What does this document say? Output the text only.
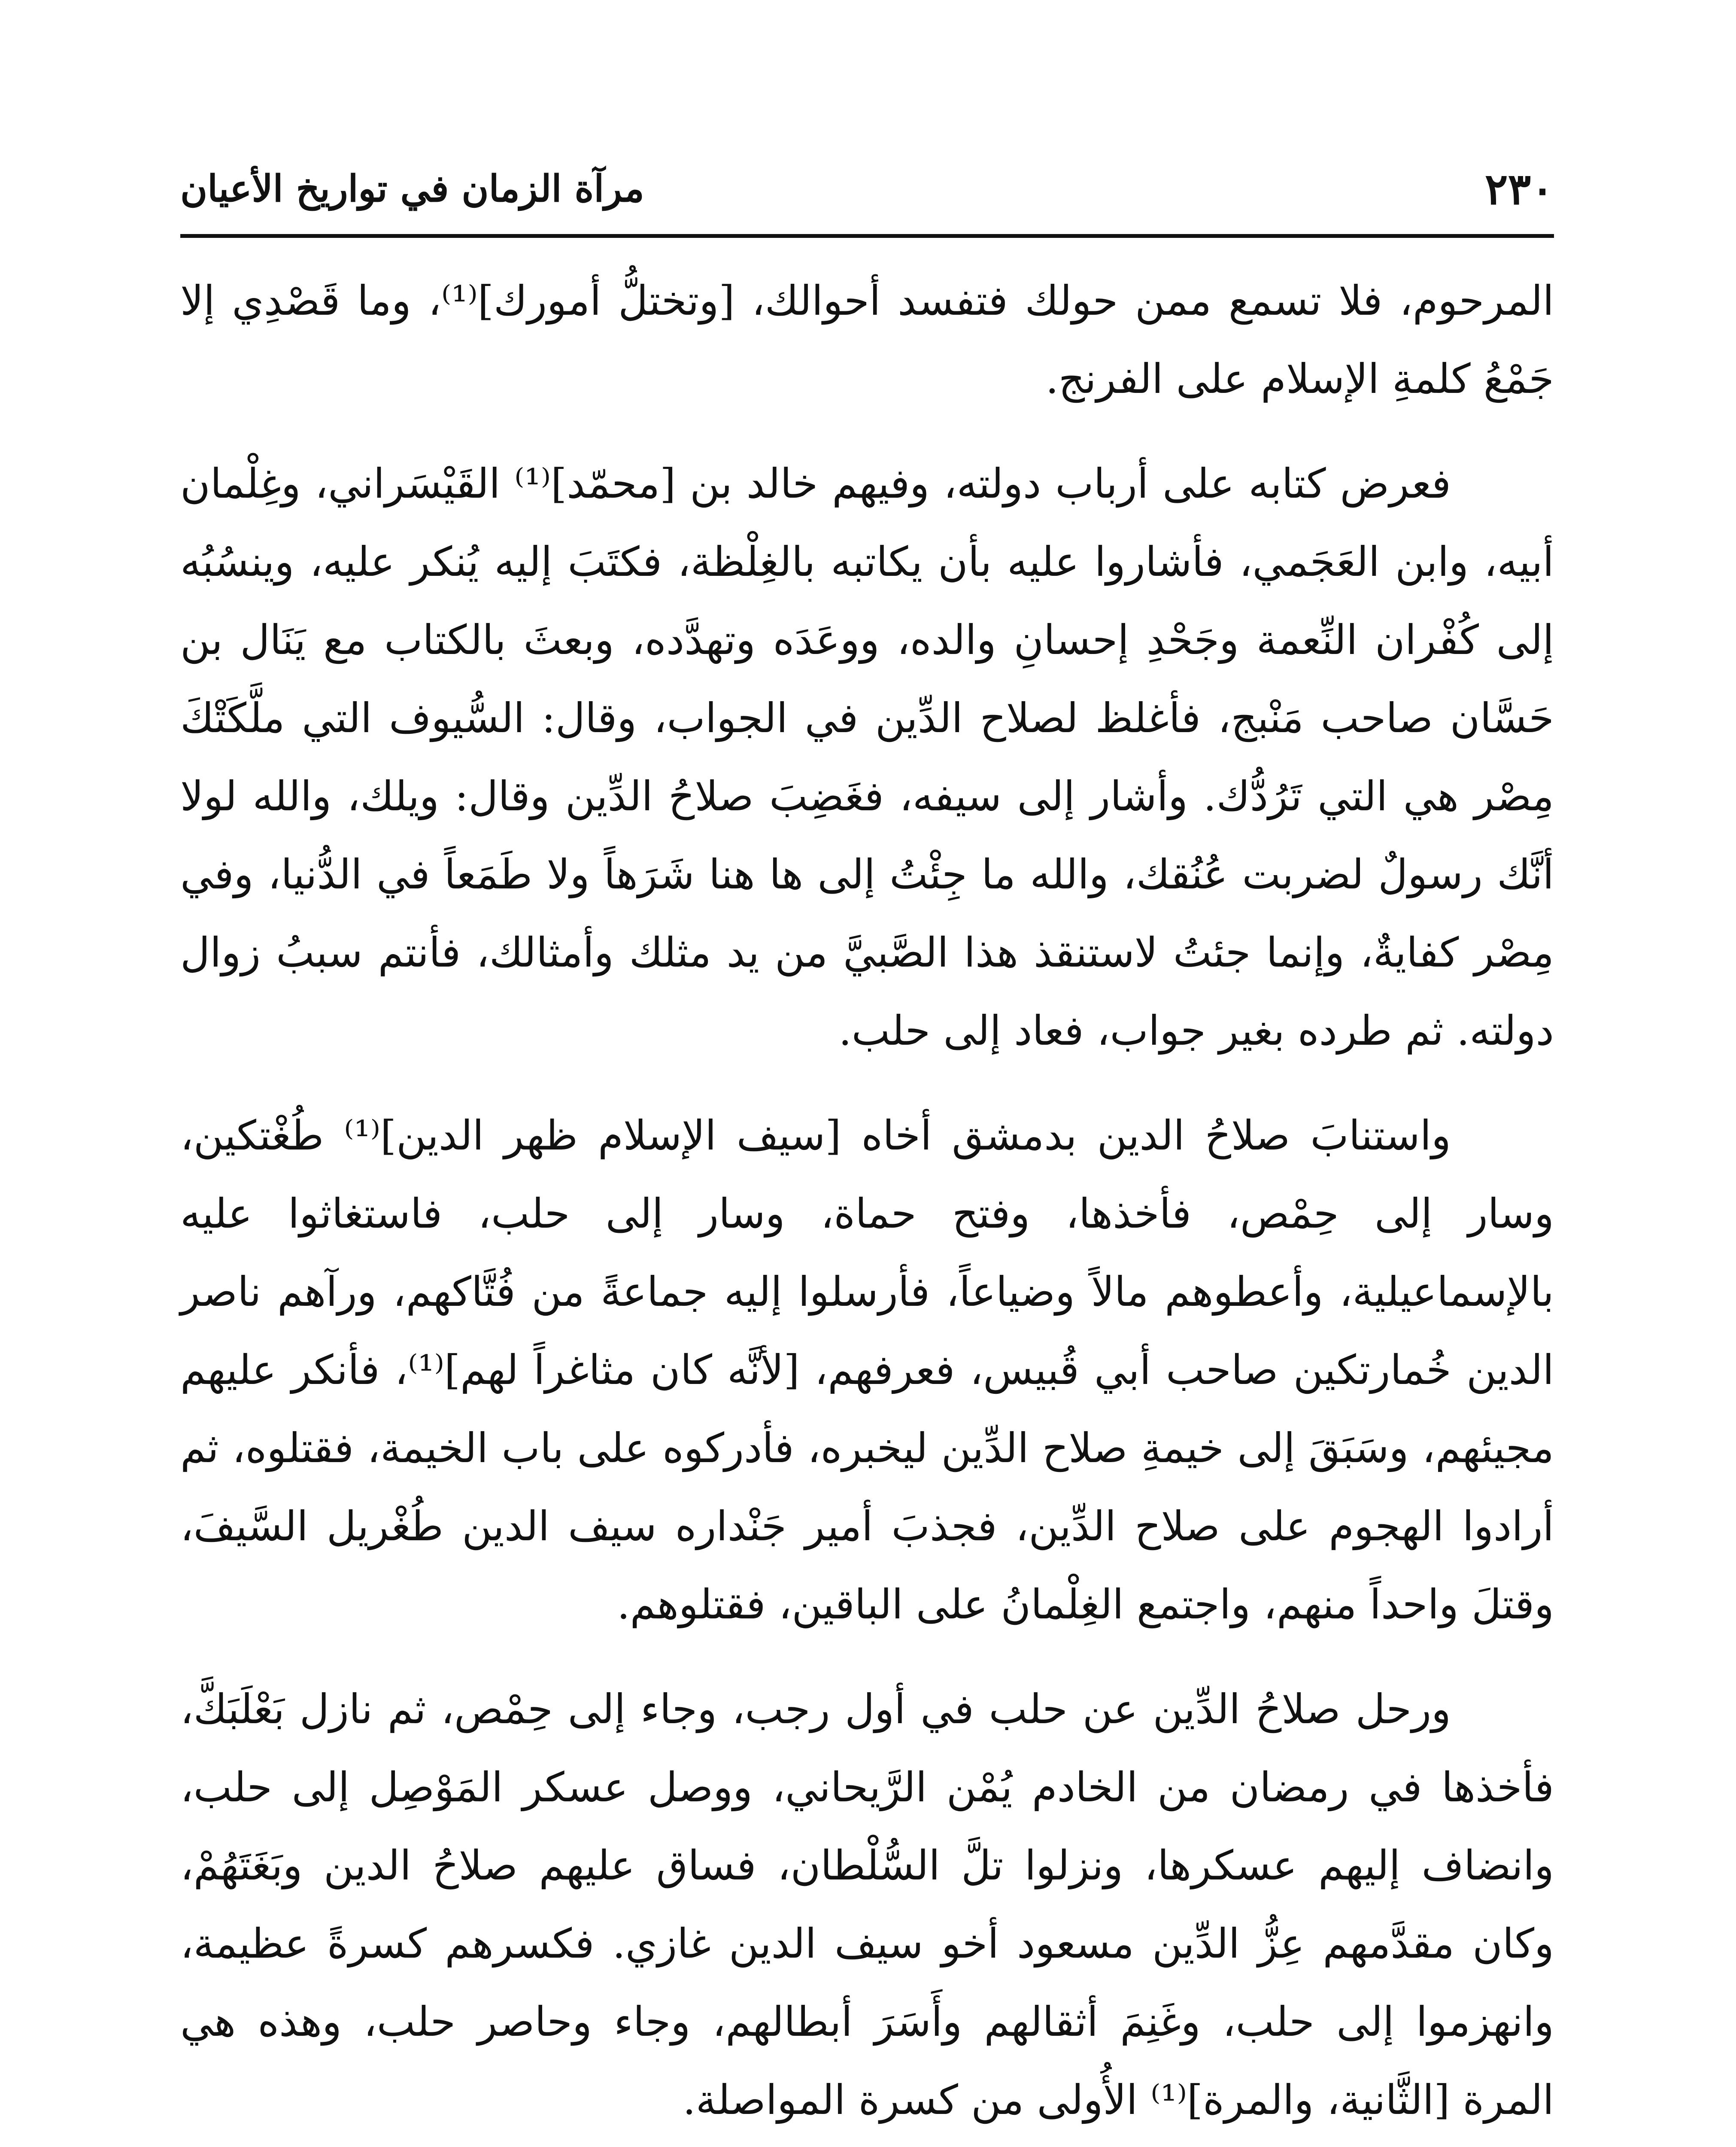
٢٣٠
مرآة الزمان في تواريخ الأعيان

المرحوم، فلا تسمع ممن حولك فتفسد أحوالك، [وتختلُّ أمورك]⁽¹⁾، وما قَصْدِي إلا جَمْعُ كلمةِ الإسلام على الفرنج.

فعرض كتابه على أرباب دولته، وفيهم خالد بن [محمّد]⁽¹⁾ القَيْسَراني، وغِلْمان أبيه، وابن العَجَمي، فأشاروا عليه بأن يكاتبه بالغِلْظة، فكتَبَ إليه يُنكر عليه، وينسُبُه إلى كُفْران النِّعمة وجَحْدِ إحسانِ والده، ووعَدَه وتهدَّده، وبعثَ بالكتاب مع يَنَال بن حَسَّان صاحب مَنْبج، فأغلظ لصلاح الدِّين في الجواب، وقال: السُّيوف التي ملَّكَتْكَ مِصْر هي التي تَرُدُّك. وأشار إلى سيفه، فغَضِبَ صلاحُ الدِّين وقال: ويلك، والله لولا أنَّك رسولٌ لضربت عُنُقك، والله ما جِئْتُ إلى ها هنا شَرَهاً ولا طَمَعاً في الدُّنيا، وفي مِصْر كفايةٌ، وإنما جئتُ لاستنقذ هذا الصَّبيَّ من يد مثلك وأمثالك، فأنتم سببُ زوال دولته. ثم طرده بغير جواب، فعاد إلى حلب.

واستنابَ صلاحُ الدين بدمشق أخاه [سيف الإسلام ظهر الدين]⁽¹⁾ طُغْتكين، وسار إلى حِمْص، فأخذها، وفتح حماة، وسار إلى حلب، فاستغاثوا عليه بالإسماعيلية، وأعطوهم مالاً وضياعاً، فأرسلوا إليه جماعةً من فُتَّاكهم، ورآهم ناصر الدين خُمارتكين صاحب أبي قُبيس، فعرفهم، [لأنَّه كان مثاغراً لهم]⁽¹⁾، فأنكر عليهم مجيئهم، وسَبَقَ إلى خيمةِ صلاح الدِّين ليخبره، فأدركوه على باب الخيمة، فقتلوه، ثم أرادوا الهجوم على صلاح الدِّين، فجذبَ أمير جَنْداره سيف الدين طُغْريل السَّيفَ، وقتلَ واحداً منهم، واجتمع الغِلْمانُ على الباقين، فقتلوهم.

ورحل صلاحُ الدِّين عن حلب في أول رجب، وجاء إلى حِمْص، ثم نازل بَعْلَبَكَّ، فأخذها في رمضان من الخادم يُمْن الرَّيحاني، ووصل عسكر المَوْصِل إلى حلب، وانضاف إليهم عسكرها، ونزلوا تلَّ السُّلْطان، فساق عليهم صلاحُ الدين وبَغَتَهُمْ، وكان مقدَّمهم عِزُّ الدِّين مسعود أخو سيف الدين غازي. فكسرهم كسرةً عظيمة، وانهزموا إلى حلب، وغَنِمَ أثقالهم وأَسَرَ أبطالهم، وجاء وحاصر حلب، وهذه هي المرة [الثَّانية، والمرة]⁽¹⁾ الأُولى من كسرة المواصلة.
